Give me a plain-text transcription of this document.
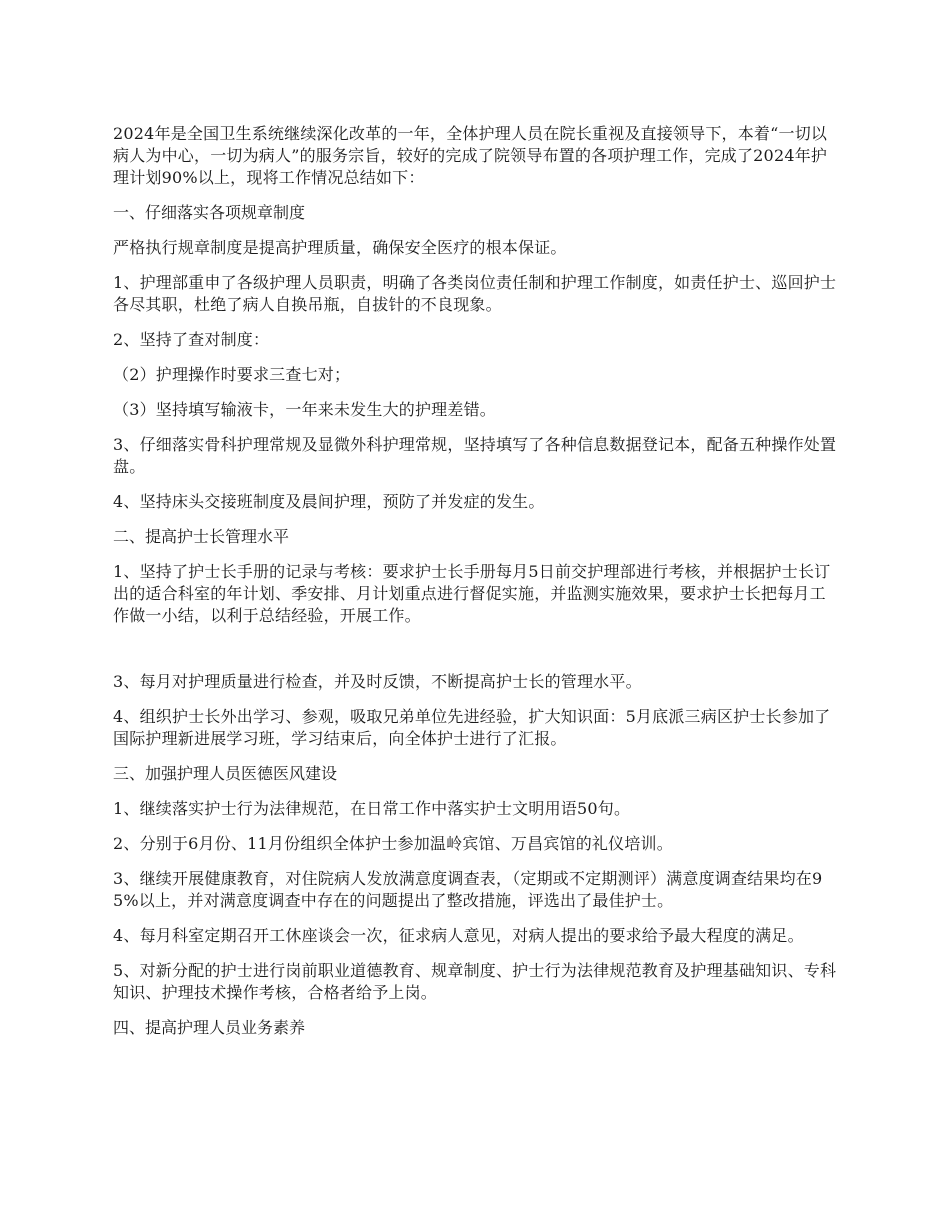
2024年是全国卫生系统继续深化改革的一年，全体护理人员在院长重视及直接领导下，本着“一切以病人为中心，一切为病人”的服务宗旨，较好的完成了院领导布置的各项护理工作，完成了2024年护理计划90%以上，现将工作情况总结如下：

一、仔细落实各项规章制度

严格执行规章制度是提高护理质量，确保安全医疗的根本保证。

1、护理部重申了各级护理人员职责，明确了各类岗位责任制和护理工作制度，如责任护士、巡回护士各尽其职，杜绝了病人自换吊瓶，自拔针的不良现象。

2、坚持了查对制度：

（2）护理操作时要求三查七对；

（3）坚持填写输液卡，一年来未发生大的护理差错。

3、仔细落实骨科护理常规及显微外科护理常规，坚持填写了各种信息数据登记本，配备五种操作处置盘。

4、坚持床头交接班制度及晨间护理，预防了并发症的发生。

二、提高护士长管理水平

1、坚持了护士长手册的记录与考核：要求护士长手册每月5日前交护理部进行考核，并根据护士长订出的适合科室的年计划、季安排、月计划重点进行督促实施，并监测实施效果，要求护士长把每月工作做一小结，以利于总结经验，开展工作。

3、每月对护理质量进行检查，并及时反馈，不断提高护士长的管理水平。

4、组织护士长外出学习、参观，吸取兄弟单位先进经验，扩大知识面：5月底派三病区护士长参加了国际护理新进展学习班，学习结束后，向全体护士进行了汇报。

三、加强护理人员医德医风建设

1、继续落实护士行为法律规范，在日常工作中落实护士文明用语50句。

2、分别于6月份、11月份组织全体护士参加温岭宾馆、万昌宾馆的礼仪培训。

3、继续开展健康教育，对住院病人发放满意度调查表，（定期或不定期测评）满意度调查结果均在95%以上，并对满意度调查中存在的问题提出了整改措施，评选出了最佳护士。

4、每月科室定期召开工休座谈会一次，征求病人意见，对病人提出的要求给予最大程度的满足。

5、对新分配的护士进行岗前职业道德教育、规章制度、护士行为法律规范教育及护理基础知识、专科知识、护理技术操作考核，合格者给予上岗。

四、提高护理人员业务素养
